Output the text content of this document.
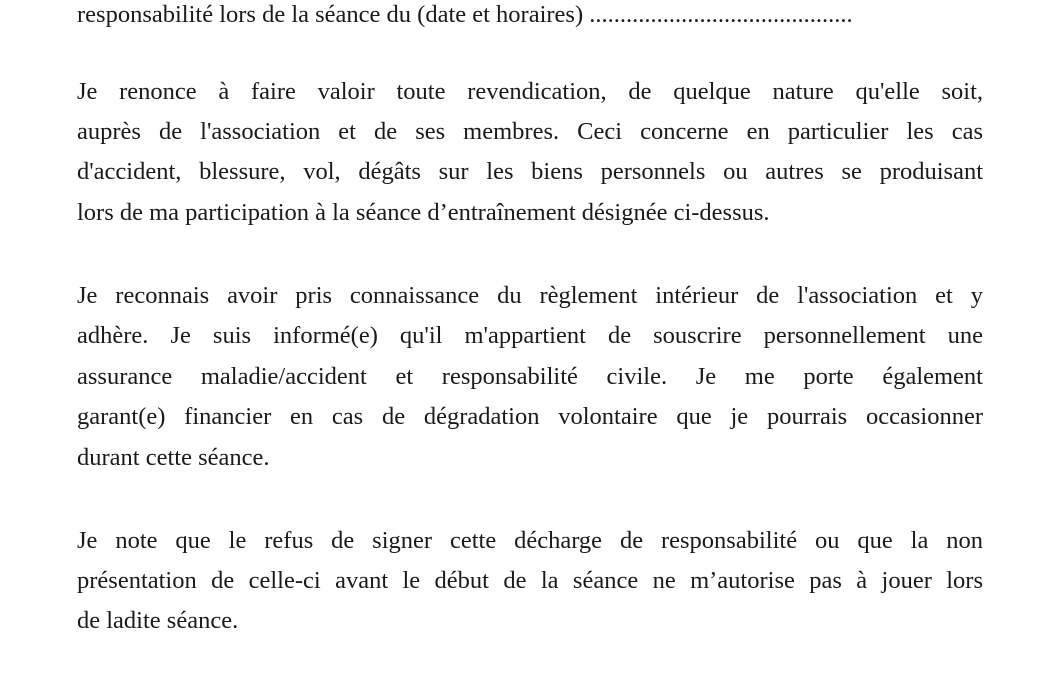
responsabilité lors de la séance du (date et horaires) ...........................................
Je renonce à faire valoir toute revendication, de quelque nature qu'elle soit,
auprès de l'association et de ses membres. Ceci concerne en particulier les cas
d'accident, blessure, vol, dégâts sur les biens personnels ou autres se produisant
lors de ma participation à la séance d’entraînement désignée ci-dessus.
Je reconnais avoir pris connaissance du règlement intérieur de l'association et y
adhère. Je suis informé(e) qu'il m'appartient de souscrire personnellement une
assurance maladie/accident et responsabilité civile. Je me porte également
garant(e) financier en cas de dégradation volontaire que je pourrais occasionner
durant cette séance.
Je note que le refus de signer cette décharge de responsabilité ou que la non
présentation de celle-ci avant le début de la séance ne m’autorise pas à jouer lors
de ladite séance.
